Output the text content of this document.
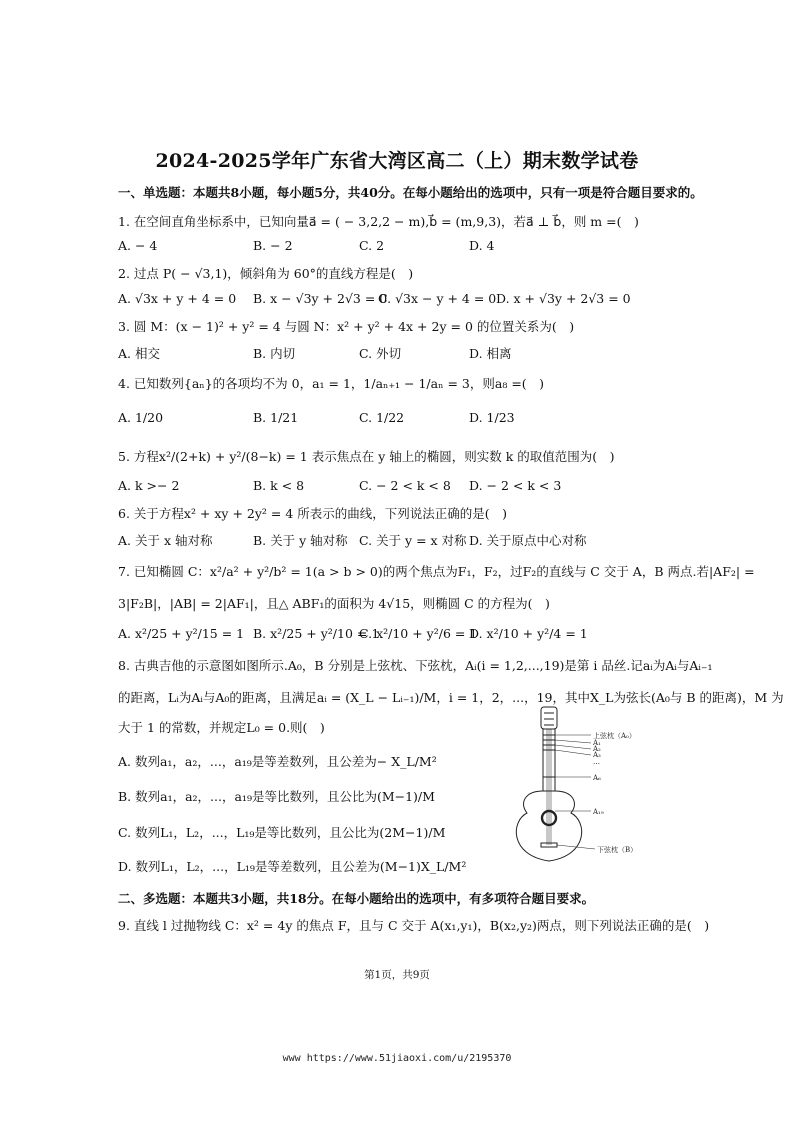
2024-2025学年广东省大湾区高二（上）期末数学试卷
一、单选题：本题共8小题，每小题5分，共40分。在每小题给出的选项中，只有一项是符合题目要求的。
1. 在空间直角坐标系中，已知向量a⃗ = ( − 3,2,2 − m),b⃗ = (m,9,3)，若a⃗ ⊥ b⃗，则 m =(　)
A. − 4	B. − 2	C. 2	D. 4
2. 过点 P( − √3,1)，倾斜角为 60°的直线方程是(　)
A. √3x + y + 4 = 0 B. x − √3y + 2√3 = 0
C. √3x − y + 4 = 0 D. x + √3y + 2√3 = 0
3. 圆 M：(x − 1)² + y² = 4 与圆 N：x² + y² + 4x + 2y = 0 的位置关系为(　)
A. 相交	B. 内切	C. 外切	D. 相离
4. 已知数列{aₙ}的各项均不为 0，a₁ = 1，1/aₙ₊₁ − 1/aₙ = 3，则a₈ =(　)
A. 1/20	B. 1/21	C. 1/22	D. 1/23
5. 方程x²/(2+k) + y²/(8−k) = 1 表示焦点在 y 轴上的椭圆，则实数 k 的取值范围为(　)
A. k >− 2	B. k < 8	C. − 2 < k < 8 D. − 2 < k < 3
6. 关于方程x² + xy + 2y² = 4 所表示的曲线，下列说法正确的是(　)
A. 关于 x 轴对称	B. 关于 y 轴对称 C. 关于 y = x 对称 D. 关于原点中心对称
7. 已知椭圆 C：x²/a² + y²/b² = 1(a > b > 0)的两个焦点为F₁，F₂，过F₂的直线与 C 交于 A，B 两点.若|AF₂| =
3|F₂B|，|AB| = 2|AF₁|，且△ ABF₁的面积为 4√15，则椭圆 C 的方程为(　)
A. x²/25 + y²/15 = 1 B. x²/25 + y²/10 = 1
C. x²/10 + y²/6 = 1
D. x²/10 + y²/4 = 1
8. 古典吉他的示意图如图所示.A₀，B 分别是上弦枕、下弦枕，Aᵢ(i = 1,2,...,19)是第 i 品丝.记aᵢ为Aᵢ与Aᵢ₋₁
的距离，Lᵢ为Aᵢ与A₀的距离，且满足aᵢ = (X_L − Lᵢ₋₁)/M，i = 1，2，...，19，其中X_L为弦长(A₀与 B 的距离)，M 为
大于 1 的常数，并规定L₀ = 0.则(　)
A. 数列a₁，a₂，...，a₁₉是等差数列，且公差为− X_L/M²
B. 数列a₁，a₂，...，a₁₉是等比数列，且公比为(M−1)/M
C. 数列L₁，L₂，...，L₁₉是等比数列，且公比为(2M−1)/M
D. 数列L₁，L₂，...，L₁₉是等差数列，且公差为(M−1)X_L/M²
上弦枕（A₀）
A₁
A₂
A₃
…
A₆
A₁₉
下弦枕（B）
二、多选题：本题共3小题，共18分。在每小题给出的选项中，有多项符合题目要求。
9. 直线 l 过抛物线 C：x² = 4y 的焦点 F，且与 C 交于 A(x₁,y₁)，B(x₂,y₂)两点，则下列说法正确的是(　)
第1页，共9页
www https://www.51jiaoxi.com/u/2195370
